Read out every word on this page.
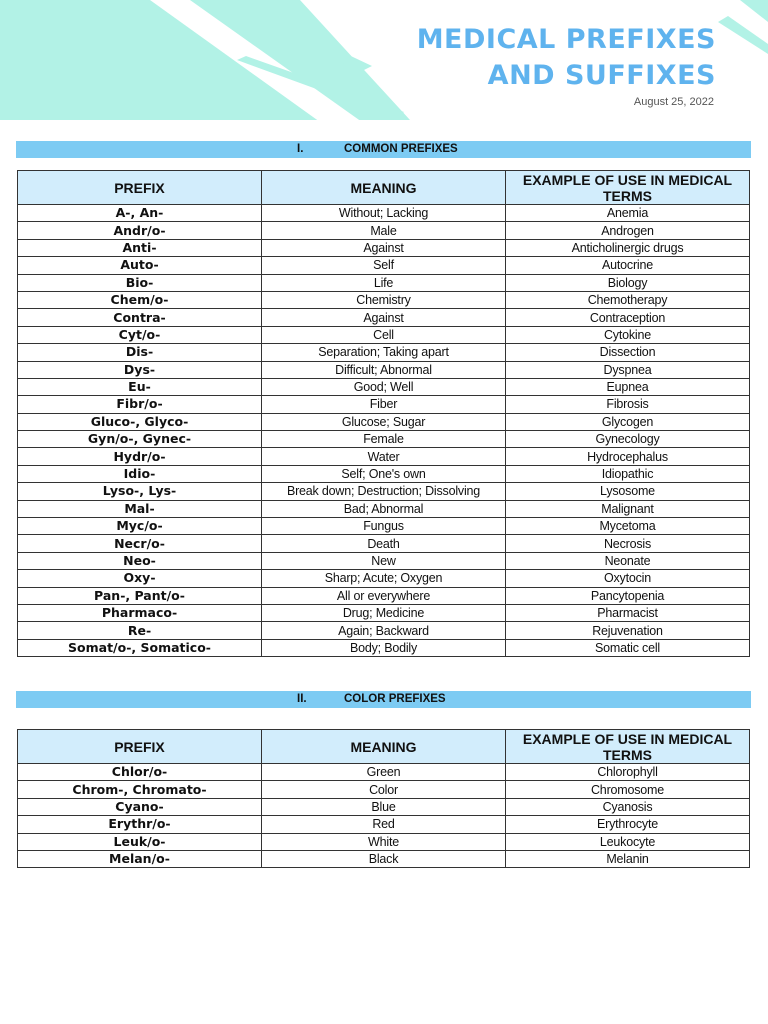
MEDICAL PREFIXES
AND SUFFIXES
August 25, 2022
I.	COMMON PREFIXES
PREFIX	MEANING	EXAMPLE OF USE IN MEDICAL TERMS
A-, An-	Without; Lacking	Anemia
Andr/o-	Male	Androgen
Anti-	Against	Anticholinergic drugs
Auto-	Self	Autocrine
Bio-	Life	Biology
Chem/o-	Chemistry	Chemotherapy
Contra-	Against	Contraception
Cyt/o-	Cell	Cytokine
Dis-	Separation; Taking apart	Dissection
Dys-	Difficult; Abnormal	Dyspnea
Eu-	Good; Well	Eupnea
Fibr/o-	Fiber	Fibrosis
Gluco-, Glyco-	Glucose; Sugar	Glycogen
Gyn/o-, Gynec-	Female	Gynecology
Hydr/o-	Water	Hydrocephalus
Idio-	Self; One's own	Idiopathic
Lyso-, Lys-	Break down; Destruction; Dissolving	Lysosome
Mal-	Bad; Abnormal	Malignant
Myc/o-	Fungus	Mycetoma
Necr/o-	Death	Necrosis
Neo-	New	Neonate
Oxy-	Sharp; Acute; Oxygen	Oxytocin
Pan-, Pant/o-	All or everywhere	Pancytopenia
Pharmaco-	Drug; Medicine	Pharmacist
Re-	Again; Backward	Rejuvenation
Somat/o-, Somatico-	Body; Bodily	Somatic cell
II.	COLOR PREFIXES
PREFIX	MEANING	EXAMPLE OF USE IN MEDICAL TERMS
Chlor/o-	Green	Chlorophyll
Chrom-, Chromato-	Color	Chromosome
Cyano-	Blue	Cyanosis
Erythr/o-	Red	Erythrocyte
Leuk/o-	White	Leukocyte
Melan/o-	Black	Melanin
